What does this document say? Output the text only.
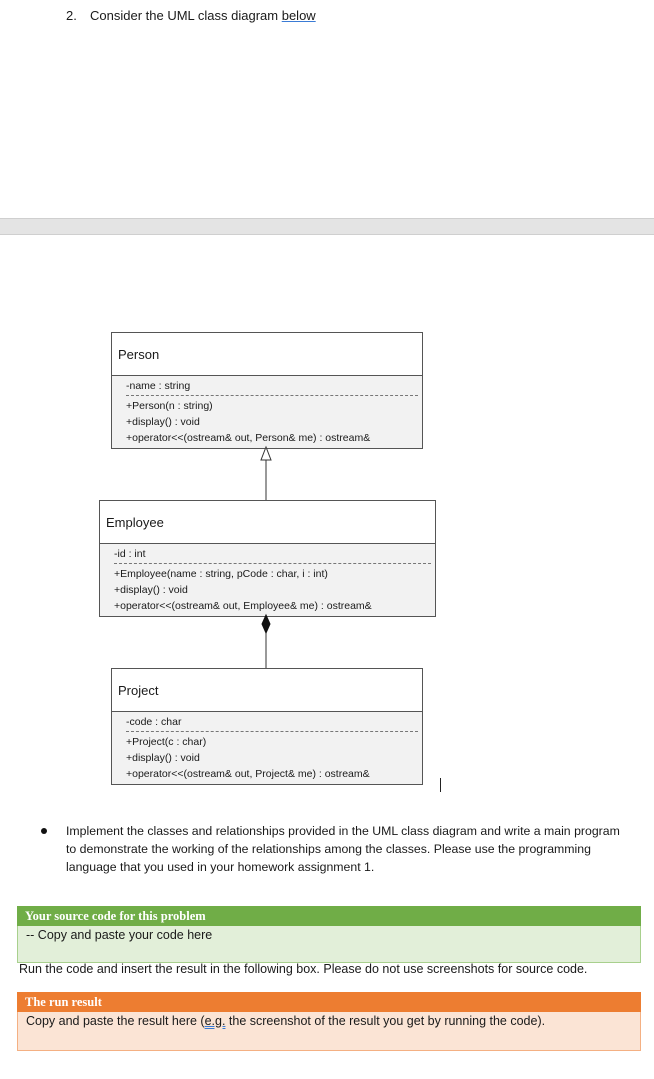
2. Consider the UML class diagram below
Person
-name : string
+Person(n : string)
+display() : void
+operator<<(ostream& out, Person& me) : ostream&
Employee
-id : int
+Employee(name : string, pCode : char, i : int)
+display() : void
+operator<<(ostream& out, Employee& me) : ostream&
Project
-code : char
+Project(c : char)
+display() : void
+operator<<(ostream& out, Project& me) : ostream&
Implement the classes and relationships provided in the UML class diagram and write a main program to demonstrate the working of the relationships among the classes. Please use the programming language that you used in your homework assignment 1.
Your source code for this problem
-- Copy and paste your code here
Run the code and insert the result in the following box. Please do not use screenshots for source code.
The run result
Copy and paste the result here (e.g. the screenshot of the result you get by running the code).
